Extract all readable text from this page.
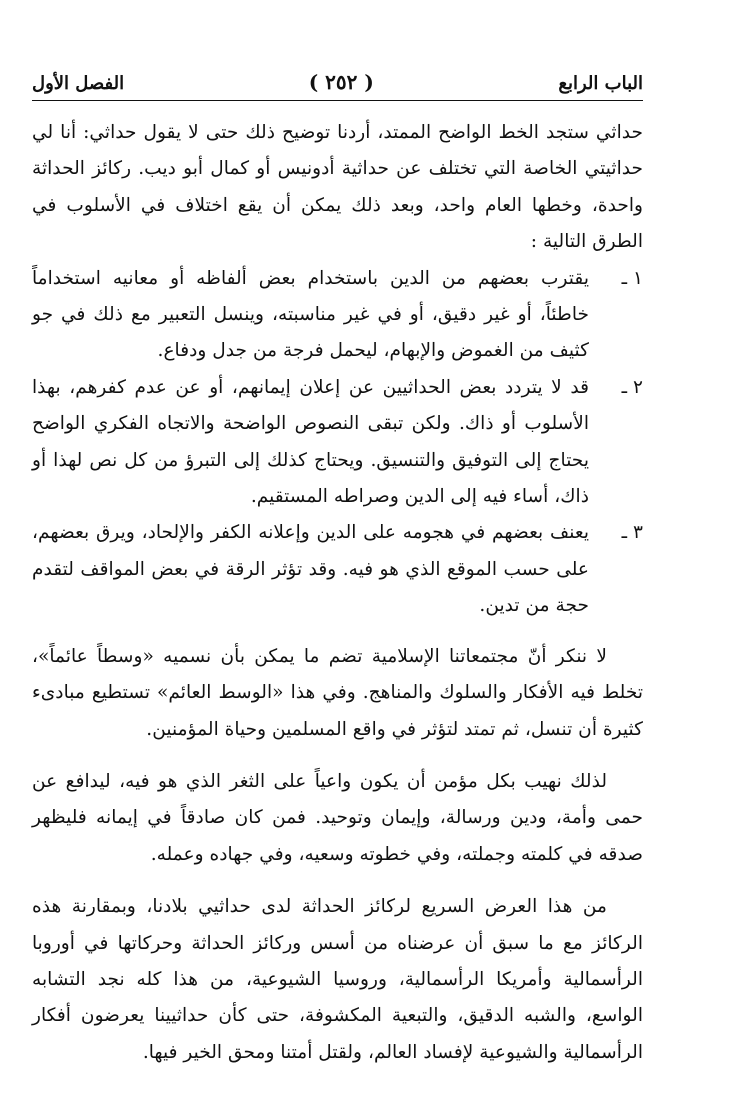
الباب الرابع
( ٢٥٢ )
الفصل الأول

حداثي ستجد الخط الواضح الممتد، أردنا توضيح ذلك حتى لا يقول حداثي: أنا لي حداثيتي الخاصة التي تختلف عن حداثية أدونيس أو كمال أبو ديب. ركائز الحداثة واحدة، وخطها العام واحد، وبعد ذلك يمكن أن يقع اختلاف في الأسلوب في الطرق التالية :

١ ـ
يقترب بعضهم من الدين باستخدام بعض ألفاظه أو معانيه استخداماً خاطئاً، أو غير دقيق، أو في غير مناسبته، وينسل التعبير مع ذلك في جو كثيف من الغموض والإبهام، ليحمل فرجة من جدل ودفاع.
٢ ـ
قد لا يتردد بعض الحداثيين عن إعلان إيمانهم، أو عن عدم كفرهم، بهذا الأسلوب أو ذاك. ولكن تبقى النصوص الواضحة والاتجاه الفكري الواضح يحتاج إلى التوفيق والتنسيق. ويحتاج كذلك إلى التبرؤ من كل نص لهذا أو ذاك، أساء فيه إلى الدين وصراطه المستقيم.
٣ ـ
يعنف بعضهم في هجومه على الدين وإعلانه الكفر والإلحاد، ويرق بعضهم، على حسب الموقع الذي هو فيه. وقد تؤثر الرقة في بعض المواقف لتقدم حجة من تدين.

لا ننكر أنّ مجتمعاتنا الإسلامية تضم ما يمكن بأن نسميه «وسطاً عائماً»، تخلط فيه الأفكار والسلوك والمناهج. وفي هذا «الوسط العائم» تستطيع مبادىء كثيرة أن تنسل، ثم تمتد لتؤثر في واقع المسلمين وحياة المؤمنين.

لذلك نهيب بكل مؤمن أن يكون واعياً على الثغر الذي هو فيه، ليدافع عن حمى وأمة، ودين ورسالة، وإيمان وتوحيد. فمن كان صادقاً في إيمانه فليظهر صدقه في كلمته وجملته، وفي خطوته وسعيه، وفي جهاده وعمله.

من هذا العرض السريع لركائز الحداثة لدى حداثيي بلادنا، وبمقارنة هذه الركائز مع ما سبق أن عرضناه من أسس وركائز الحداثة وحركاتها في أوروبا الرأسمالية وأمريكا الرأسمالية، وروسيا الشيوعية، من هذا كله نجد التشابه الواسع، والشبه الدقيق، والتبعية المكشوفة، حتى كأن حداثيينا يعرضون أفكار الرأسمالية والشيوعية لإفساد العالم، ولقتل أمتنا ومحق الخير فيها.
